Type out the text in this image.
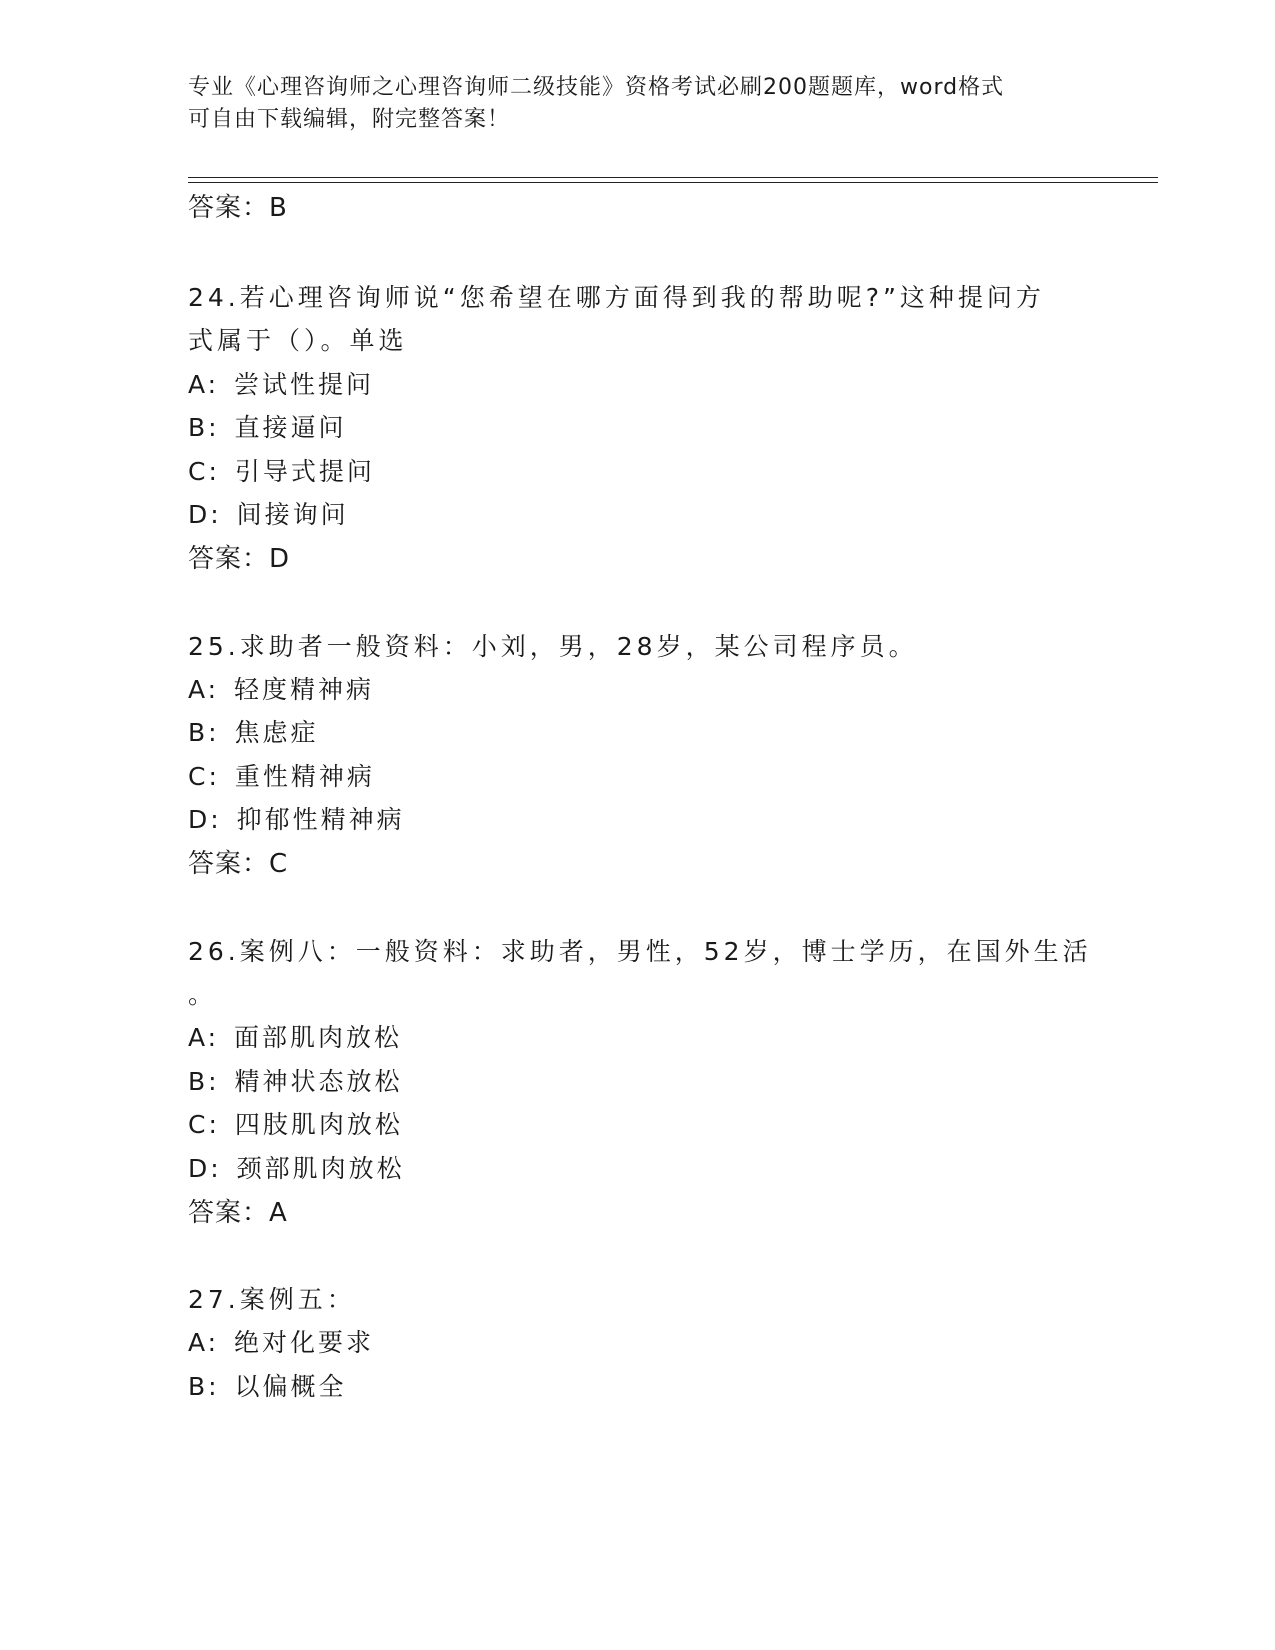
专业《心理咨询师之心理咨询师二级技能》资格考试必刷200题题库，word格式
可自由下载编辑，附完整答案！
答案：B
24.若心理咨询师说“您希望在哪方面得到我的帮助呢?”这种提问方
式属于（）。单选
A: 尝试性提问
B: 直接逼问
C: 引导式提问
D: 间接询问
答案：D
25.求助者一般资料：小刘，男，28岁，某公司程序员。
A: 轻度精神病
B: 焦虑症
C: 重性精神病
D: 抑郁性精神病
答案：C
26.案例八：一般资料：求助者，男性，52岁，博士学历，在国外生活
。
A: 面部肌肉放松
B: 精神状态放松
C: 四肢肌肉放松
D: 颈部肌肉放松
答案：A
27.案例五：
A: 绝对化要求
B: 以偏概全
